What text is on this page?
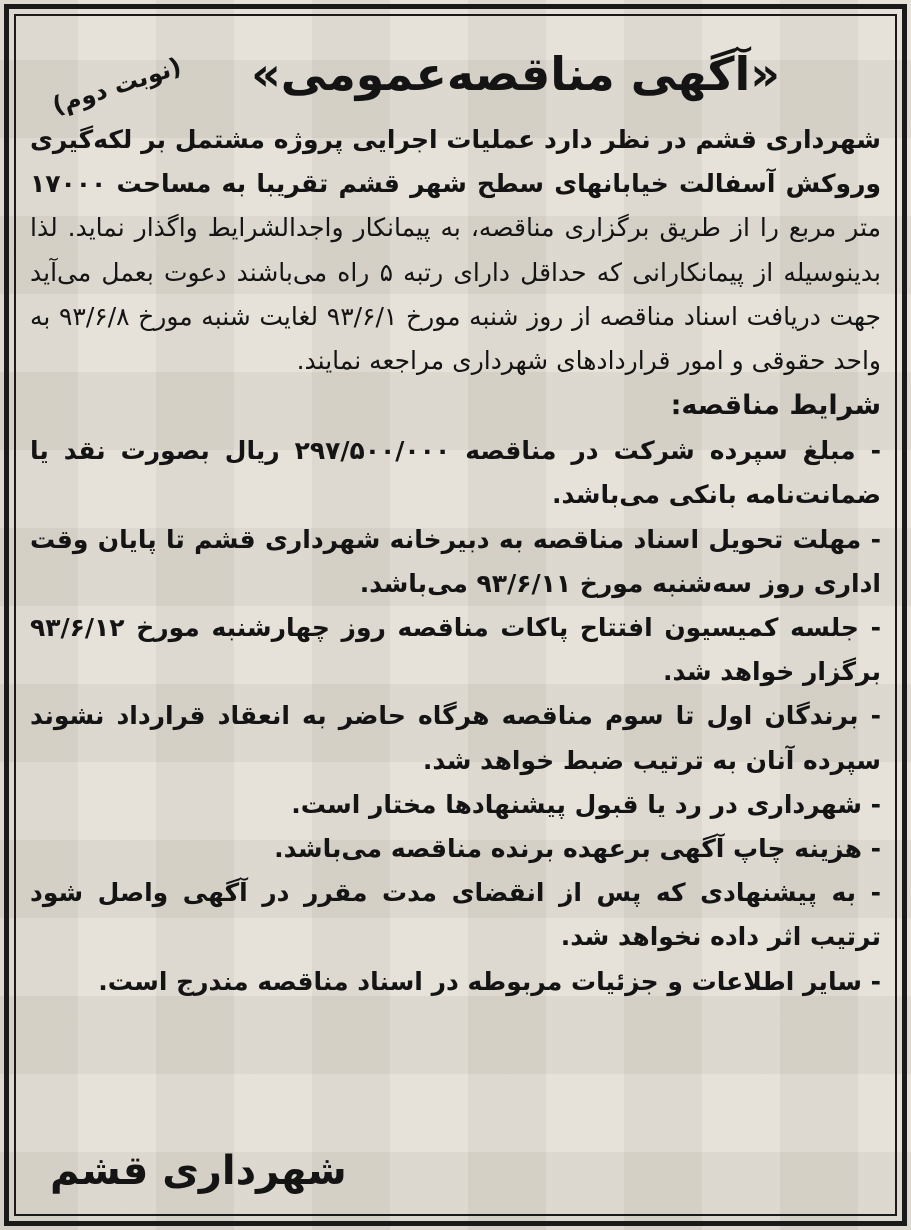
«آگهی مناقصه‌عمومی»
(نوبت دوم)

شهرداری قشم در نظر دارد عملیات اجرایی پروژه مشتمل بر لکه‌گیری وروکش آسفالت خیابانهای سطح شهر قشم تقریبا به مساحت ۱۷۰۰۰ متر مربع را از طریق برگزاری مناقصه، به پیمانکار واجدالشرایط واگذار نماید. لذا بدینوسیله از پیمانکارانی که حداقل دارای رتبه ۵ راه می‌باشند دعوت بعمل می‌آید جهت دریافت اسناد مناقصه از روز شنبه مورخ ۹۳/۶/۱ لغایت شنبه مورخ ۹۳/۶/۸ به واحد حقوقی و امور قراردادهای شهرداری مراجعه نمایند.

شرایط مناقصه:

- مبلغ سپرده شرکت در مناقصه ۲۹۷/۵۰۰/۰۰۰ ریال بصورت نقد یا ضمانت‌نامه بانکی می‌باشد.
- مهلت تحویل اسناد مناقصه به دبیرخانه شهرداری قشم تا پایان وقت اداری روز سه‌شنبه مورخ ۹۳/۶/۱۱ می‌باشد.
- جلسه کمیسیون افتتاح پاکات مناقصه روز چهارشنبه مورخ ۹۳/۶/۱۲ برگزار خواهد شد.
- برندگان اول تا سوم مناقصه هرگاه حاضر به انعقاد قرارداد نشوند سپرده آنان به ترتیب ضبط خواهد شد.
- شهرداری در رد یا قبول پیشنهادها مختار است.
- هزینه چاپ آگهی برعهده برنده مناقصه می‌باشد.
- به پیشنهادی که پس از انقضای مدت مقرر در آگهی واصل شود ترتیب اثر داده نخواهد شد.
- سایر اطلاعات و جزئیات مربوطه در اسناد مناقصه مندرج است.
شهرداری قشم
